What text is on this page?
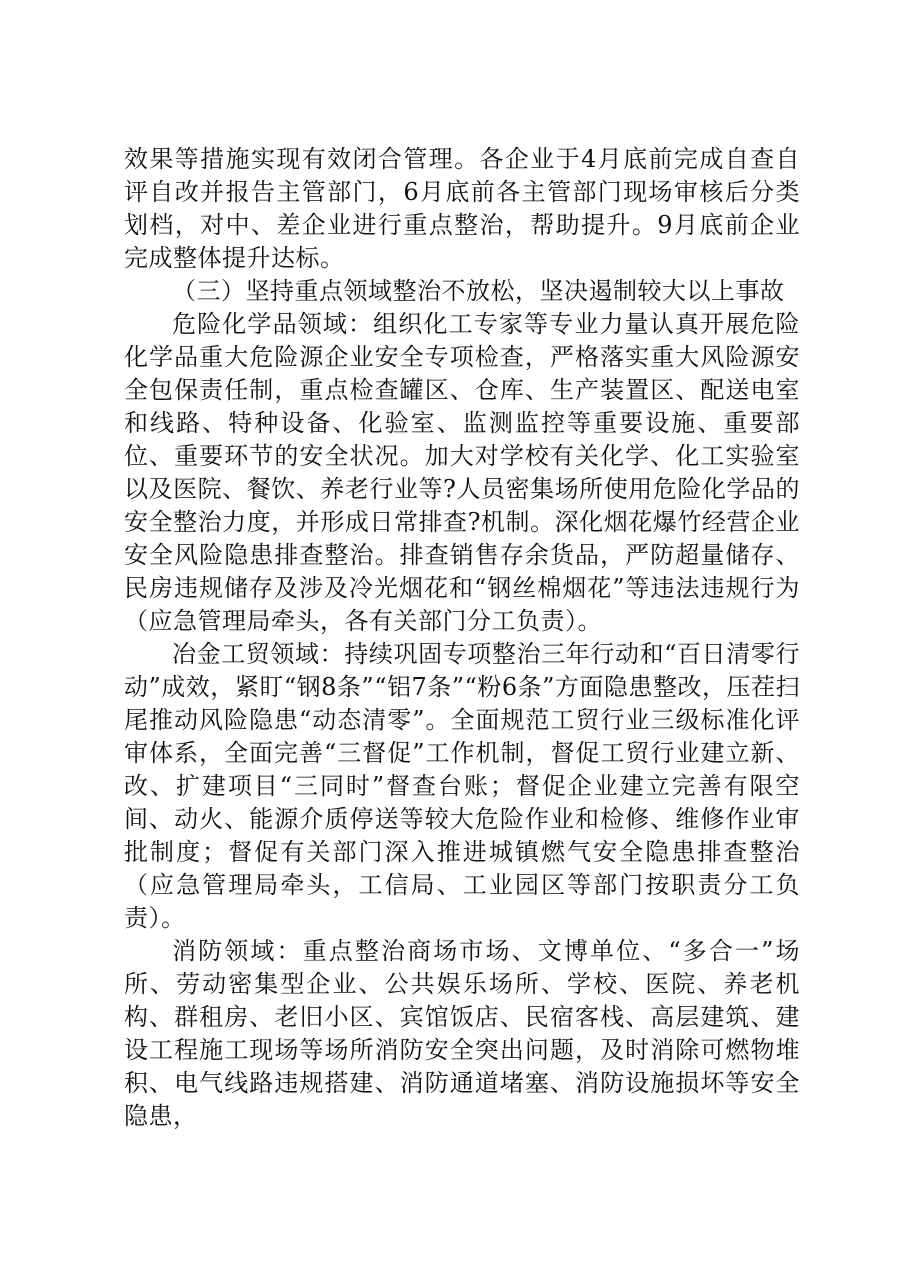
效果等措施实现有效闭合管理。各企业于4月底前完成自查自评自改并报告主管部门，6月底前各主管部门现场审核后分类划档，对中、差企业进行重点整治，帮助提升。9月底前企业完成整体提升达标。

（三）坚持重点领域整治不放松，坚决遏制较大以上事故

危险化学品领域：组织化工专家等专业力量认真开展危险化学品重大危险源企业安全专项检查，严格落实重大风险源安全包保责任制，重点检查罐区、仓库、生产装置区、配送电室和线路、特种设备、化验室、监测监控等重要设施、重要部位、重要环节的安全状况。加大对学校有关化学、化工实验室以及医院、餐饮、养老行业等?人员密集场所使用危险化学品的安全整治力度，并形成日常排查?机制。深化烟花爆竹经营企业安全风险隐患排查整治。排查销售存余货品，严防超量储存、民房违规储存及涉及冷光烟花和“钢丝棉烟花”等违法违规行为（应急管理局牵头，各有关部门分工负责）。

冶金工贸领域：持续巩固专项整治三年行动和“百日清零行动”成效，紧盯“钢8条”“铝7条”“粉6条”方面隐患整改，压茬扫尾推动风险隐患“动态清零”。全面规范工贸行业三级标准化评审体系，全面完善“三督促”工作机制，督促工贸行业建立新、改、扩建项目“三同时”督查台账；督促企业建立完善有限空间、动火、能源介质停送等较大危险作业和检修、维修作业审批制度；督促有关部门深入推进城镇燃气安全隐患排查整治（应急管理局牵头，工信局、工业园区等部门按职责分工负责）。

消防领域：重点整治商场市场、文博单位、“多合一”场所、劳动密集型企业、公共娱乐场所、学校、医院、养老机构、群租房、老旧小区、宾馆饭店、民宿客栈、高层建筑、建设工程施工现场等场所消防安全突出问题，及时消除可燃物堆积、电气线路违规搭建、消防通道堵塞、消防设施损坏等安全隐患，
